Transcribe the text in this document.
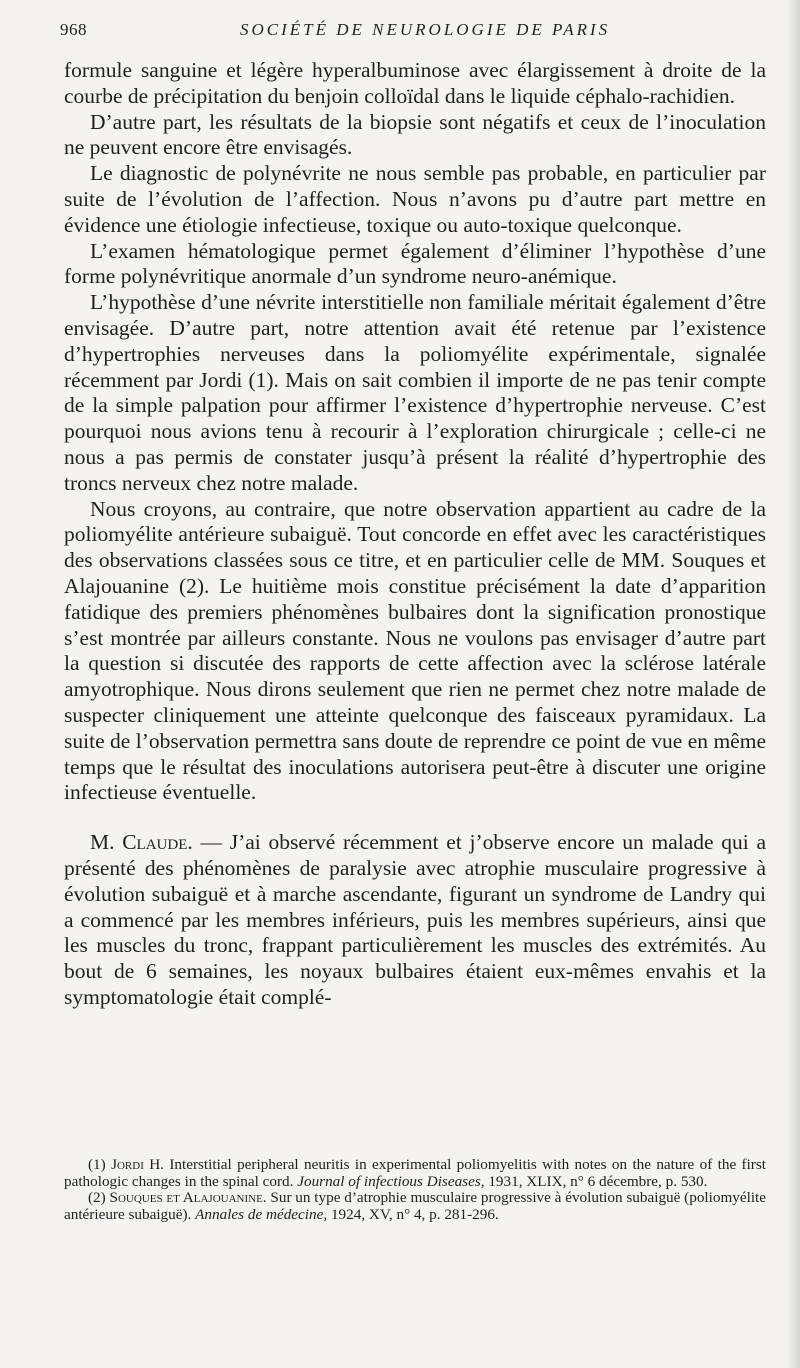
968	SOCIÉTÉ DE NEUROLOGIE DE PARIS

formule sanguine et légère hyperalbuminose avec élargissement à droite de la courbe de précipitation du benjoin colloïdal dans le liquide céphalo-rachidien.

D’autre part, les résultats de la biopsie sont négatifs et ceux de l’inoculation ne peuvent encore être envisagés.

Le diagnostic de polynévrite ne nous semble pas probable, en particulier par suite de l’évolution de l’affection. Nous n’avons pu d’autre part mettre en évidence une étiologie infectieuse, toxique ou auto-toxique quelconque.

L’examen hématologique permet également d’éliminer l’hypothèse d’une forme polynévritique anormale d’un syndrome neuro-anémique.

L’hypothèse d’une névrite interstitielle non familiale méritait également d’être envisagée. D’autre part, notre attention avait été retenue par l’existence d’hypertrophies nerveuses dans la poliomyélite expérimentale, signalée récemment par Jordi (1). Mais on sait combien il importe de ne pas tenir compte de la simple palpation pour affirmer l’existence d’hypertrophie nerveuse. C’est pourquoi nous avions tenu à recourir à l’exploration chirurgicale ; celle-ci ne nous a pas permis de constater jusqu’à présent la réalité d’hypertrophie des troncs nerveux chez notre malade.

Nous croyons, au contraire, que notre observation appartient au cadre de la poliomyélite antérieure subaiguë. Tout concorde en effet avec les caractéristiques des observations classées sous ce titre, et en particulier celle de MM. Souques et Alajouanine (2). Le huitième mois constitue précisément la date d’apparition fatidique des premiers phénomènes bulbaires dont la signification pronostique s’est montrée par ailleurs constante. Nous ne voulons pas envisager d’autre part la question si discutée des rapports de cette affection avec la sclérose latérale amyotrophique. Nous dirons seulement que rien ne permet chez notre malade de suspecter cliniquement une atteinte quelconque des faisceaux pyramidaux. La suite de l’observation permettra sans doute de reprendre ce point de vue en même temps que le résultat des inoculations autorisera peut-être à discuter une origine infectieuse éventuelle.

M. Claude. — J’ai observé récemment et j’observe encore un malade qui a présenté des phénomènes de paralysie avec atrophie musculaire progressive à évolution subaiguë et à marche ascendante, figurant un syndrome de Landry qui a commencé par les membres inférieurs, puis les membres supérieurs, ainsi que les muscles du tronc, frappant particulièrement les muscles des extrémités. Au bout de 6 semaines, les noyaux bulbaires étaient eux-mêmes envahis et la symptomatologie était complé-

(1) Jordi H. Interstitial peripheral neuritis in experimental poliomyelitis with notes on the nature of the first pathologic changes in the spinal cord. Journal of infectious Diseases, 1931, XLIX, n° 6 décembre, p. 530.

(2) Souques et Alajouanine. Sur un type d’atrophie musculaire progressive à évolution subaiguë (poliomyélite antérieure subaiguë). Annales de médecine, 1924, XV, n° 4, p. 281-296.
